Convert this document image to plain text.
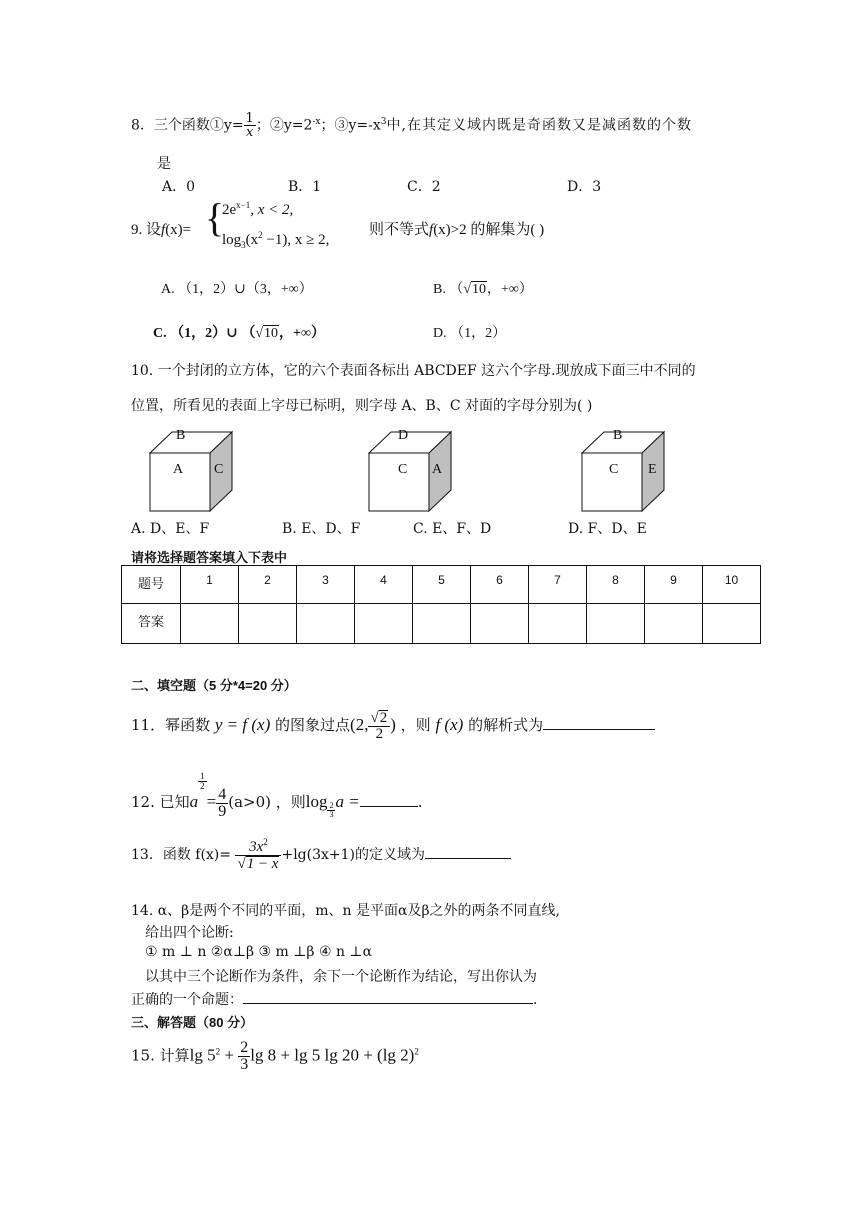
8．三个函数①y= $\frac{1}{x}$ ；$②y=2^{-x}$；$③y=-x^3$中,在其定义域内既是奇函数又是减函数的个数
是
A．0	B．1	C．2	D．3
9. 设f(x)= {
$2e^{x-1}$, x < 2,
$\log_3(x^2 -1)$, x ≥ 2,
则不等式f(x)>2 的解集为( )
A. （1，2）∪（3，+∞）	B. （√10，+∞）
C. （1，2）∪ （√10，+∞）	D. （1，2）
10. 一个封闭的立方体，它的六个表面各标出 ABCDEF 这六个字母.现放成下面三中不同的
位置，所看见的表面上字母已标明，则字母 A、B、C 对面的字母分别为( )
B
A C
D
C A
B
C E
A. D、E、F	B. E、D、F	C. E、F、D	D. F、D、E
请将选择题答案填入下表中
题号	1	2	3	4	5	6	7	8	9	10
答案										
二、填空题（5 分*4=20 分）
11．幂函数 y = f (x) 的图象过点(2, $\frac{√2}{2}$ ) ，则 f (x) 的解析式为
12. 已知a
$\frac{1}{2}$
= $\frac{4}{9} (a>0)$ ，则$\log \frac{2}{3}$ a =	.
13．函数 $f(x)= \frac{3x^2}{√1 - x} +\lg(3x+1)$的定义域为
14. α、β是两个不同的平面，m、n 是平面α及β之外的两条不同直线,
给出四个论断:
① m ⊥ n ②α⊥β ③ m ⊥β ④ n ⊥α
以其中三个论断作为条件，余下一个论断作为结论，写出你认为
正确的一个命题：	.
三、解答题（80 分）
15. 计算$\lg 5^2 + \frac{2}{3}$ lg 8 + lg 5 lg 20 + (lg 2)$^2$
